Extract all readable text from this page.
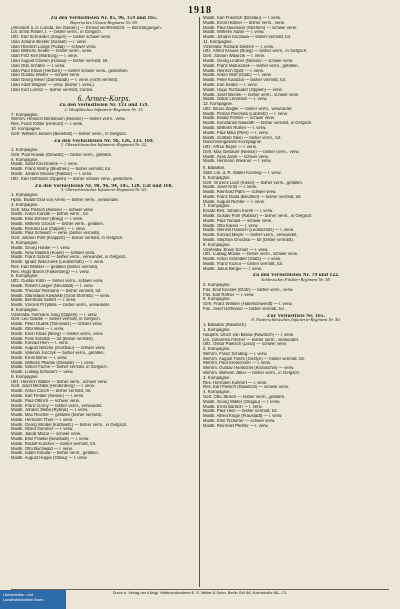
1918
Zu den Verlustlisten Nr. 85, 96, 159 und 165.
Bayerisches Ulanen-Regiment Nr. 69.
(Allendorf a. d. Lumda, bei Gießen.) — Erneut veröffentlicht. — Berichtigungen.
Ltn. Ernst Rösler, I. — bisher verm., in Gefgsch.
Uffz. Karl Schneider (Siegen) — bisher schwer verw.
Ulan Johann Becker (Kassel) — l. verw.
Ulan Heinrich Lange (Fulda) — schwer verw.
Ulan Wilhelm Seidel — bisher verm., verw.
Ulan Fritz Keil (Marburg) — l. verw.
Ulan August Gramm (Hanau) — bisher vermißt, tot.
Ulan Otto Schäfer — l. verw.
Ulan Paul Kraus (Herborn) — bisher schwer verw., gestorben.
Ulan Gustav Winter — schwer verw.
Ulan Georg Meier (Darmstadt) — l. verw. (nicht vermißt).
Ulan Adolf Wagner — verw. (bisher l. verw.).
Ulan Kurt Lorenz — bisher vermißt, zurück.
6. Armee-Korps.
Zu den Verlustlisten Nr. 133 und 159.
2. Westfälisches Infanterie-Regiment Nr. 15.
7. Kompagnie.
Wehrm. Heinrich Brinkmann (Minden) — bisher verm., verw.
Res. Franz Kötter (Herford) — l. verw.
10. Kompagnie.
Gefr. Wilhelm Jansen (Bielefeld) — bisher verm., in Gefgsch.
Zu den Verlustlisten Nr. 96, 126, 133, 169.
1. Oberschlesisches Infanterie-Regiment Nr. 22.
1. Kompagnie.
Gefr. Paul Nowak (Gleiwitz) — bisher verm., gefallen.
4. Kompagnie.
Mustk. Josef Kaczmarek — l. verw.
Mustk. Franz Wolny (Beuthen) — bisher vermißt, tot.
Mustk. Johann Mrosek (Ratibor) — l. verw.
Uffz. Karl Hoffmann (Oppeln) — bisher schwer verw., gestorben.
Zu den Verlustlisten Nr. 98, 96, 94, 105, 120, 158 und 168.
5. Oberschlesisches Infanterie-Regiment Nr. 63.
1. Kompagnie.
Hptm. Ewald Graf von Arnim — bisher verm., verwundet.
3. Kompagnie.
Gefr. Max Pietsch (Neisse) — schwer verw.
Mustk. Anton Kubiak — bisher verm., tot.
Mustk. Emil Zimmer (Brieg) — l. verw.
Mustk. Wilhelm Grosch — bisher verm., gefallen.
Mustk. Richard Lux (Oppeln) — l. verw.
Mustk. Paul Schwarz — verw. (bisher vermißt).
Gefr. Johann Pohl (Krappitz) — bisher vermißt, in Gefgsch.
5. Kompagnie.
Mustk. Georg Hanke — l. verw.
Mustk. Alois Mainka (Kosel) — schwer verw.
Mustk. Franz Scholz — bisher verm., verwundet, in Gefgsch.
Mustk. Ignatz Wieczorek (Leobschütz) — l. verw.
Res. Karl Winkler — gefallen (bisher vermißt).
Res. Hugo Baron (Falkenberg) — l. verw.
6. Kompagnie.
Uffz. Gustav Kühn — bisher verm., schwer verw.
Mustk. Robert Langer (Neustadt) — l. verw.
Mustk. Theodor Reimann — bisher vermißt, tot.
Mustk. Stanislaus Kowalski (Groß Strehlitz) — verw.
Mustk. Bernhard Seifert — l. verw.
Mustk. Vincent Przybilla — bisher verm., verwundet.
8. Kompagnie.
Vizefeldw. Hermann Jung (Oppeln) — l. verw.
Gefr. Leo Gawlik — bisher vermißt, in Gefgsch.
Mustk. Peter Dudek (Tarnowitz) — schwer verw.
Mustk. Otto Weiß — l. verw.
Mustk. Erich Klose (Brieg) — bisher verm., verw.
Mustk. Felix Sobotta — tot (bisher vermißt).
Mustk. Konrad Hein — l. verw.
Mustk. August Nitsche (Grottkau) — schwer verw.
Mustk. Valentin Jurczyk — bisher verm., gefallen.
Mustk. Ernst Böhm — l. verw.
Mustk. Wilhelm Pilarski (Gleiwitz) — l. verw.
Mustk. Simon Fuchs — bisher vermißt, in Gefgsch.
Mustk. Ludwig Schubert — verw.
9. Kompagnie.
Uffz. Heinrich Walter — bisher verm., schwer verw.
Gefr. Josef Michalik (Hindenburg) — l. verw.
Mustk. Anton Czech — bisher vermißt, tot.
Mustk. Karl Fiedler (Neisse) — l. verw.
Mustk. Paul Olbrich — schwer verw.
Mustk. Franz Gorny — bisher verm., verwundet.
Mustk. Johann Skiba (Rybnik) — l. verw.
Mustk. Max Reichel — gefallen (bisher vermißt).
Mustk. Hermann Thiel — l. verw.
Mustk. Georg Wrobel (Kattowitz) — bisher verm., in Gefgsch.
Mustk. Alfred Sommer — l. verw.
Mustk. Jakob Mazur — schwer verw.
Mustk. Emil Franke (Neustadt) — l. verw.
Mustk. Rudolf Kuschel — bisher vermißt, tot.
Mustk. Otto Buchwald — l. verw.
Mustk. Adam Kotulla — bisher verm., gefallen.
Mustk. August Hoppe (Ohlau) — l. verw.
Mustk. Karl Friedrich (Breslau) — l. verw.
Mustk. Ernst Hübner — bisher verm., verw.
Mustk. Paul Neumann (Strehlen) — schwer verw.
Mustk. Wilhelm Adam — l. verw.
Mustk. Johann Kurzawa — bisher vermißt, tot.
11. Kompagnie.
Vizefeldw. Richard Dietrich — l. verw.
Uffz. Alfred Krause (Brieg) — bisher verm., in Gefgsch.
Gefr. Johann Wawrzik — l. verw.
Mustk. Georg Lindner (Neisse) — schwer verw.
Mustk. Franz Matuschek — bisher verm., gefallen.
Mustk. Heinrich Opitz — l. verw.
Mustk. Anton Wolf (Glatz) — l. verw.
Mustk. Peter Kandzia — bisher vermißt, tot.
Mustk. Karl Seidel — l. verw.
Mustk. Hugo Tschauder (Oppeln) — verw.
Mustk. Josef Bienek — bisher verm., schwer verw.
Mustk. Oskar Lehmann — l. verw.
12. Kompagnie.
Uffz. Bruno Ziegler — bisher verm., verwundet.
Mustk. Florian Piechota (Lublinitz) — l. verw.
Mustk. Ewald Förster — schwer verw.
Mustk. Konstantin Nawrath — bisher vermißt, in Gefgsch.
Mustk. Wilhelm Rother — l. verw.
Mustk. Paul Mika (Pleß) — l. verw.
Mustk. Gottlieb Stein — bisher verm., tot.
Maschinengewehr-Kompagnie.
Uffz. Arthur Beyer — l. verw.
Gefr. Max Gebauer (Neisse) — bisher verm., verw.
Mustk. Alois Janik — schwer verw.
Mustk. Hermann Wiesner — l. verw.
II. Bataillon.
Stab: Ltn. d. R. Walter Kiesling — l. verw.
5. Kompagnie.
Gefr. Vinzenz Lach (Kosel) — bisher verm., gefallen.
Mustk. Josef Kroll — l. verw.
Mustk. Reinhold Palm — schwer verw.
Mustk. Franz Duda (Beuthen) — bisher vermißt, tot.
Mustk. August Richter — l. verw.
7. Kompagnie.
Ersatz-Res. Johann Kurek — l. verw.
Mustk. Gustav Pohl (Ratibor) — bisher verm., in Gefgsch.
Mustk. Paul Tomala — schwer verw.
Mustk. Otto Kaiser — l. verw.
Mustk. Wenzel Hanisch (Leobschütz) — l. verw.
Mustk. Konrad Meyer — bisher verm., verwundet.
Mustk. Stephan Gruszka — tot (bisher vermißt).
8. Kompagnie.
Vizefeldw. Erwin Schulz — l. verw.
Uffz. Ludwig Mücke — bisher verm., schwer verw.
Mustk. Anton Schindler (Glatz) — l. verw.
Mustk. Franz Koziol — bisher vermißt, tot.
Mustk. Julius Berger — l. verw.
Zu den Verlustlisten Nr. 79 und 122.
Schlesisches Füsilier-Regiment Nr. 38.
3. Kompagnie.
Füs. Emil Kessler (Glatz) — bisher verm., verw.
Füs. Karl Rother — l. verw.
6. Kompagnie.
Gefr. Franz Winkler (Habelschwerdt) — l. verw.
Füs. Josef Hoffmann — bisher vermißt, tot.
Zur Verlustliste Nr. 165.
8. Niederschlesisches Infanterie-Regiment Nr. 50.
1. Bataillon (Rawitsch).
1. Kompagnie.
Hauptm. Ulrich von Below (Rawitsch) — l. verw.
Ltn. Johannes Fischer — bisher verm., verwundet.
Uffz. Oskar Paetsch (Lissa) — schwer verw.
2. Kompagnie.
Wehrm. Franz Schilling — l. verw.
Wehrm. August Tietze (Gostyn) — bisher vermißt, tot.
Wehrm. Paul Kretschmer — l. verw.
Wehrm. Gustav Hentschel (Krotoschin) — verw.
Wehrm. Wilhelm Jäkel — bisher verm., in Gefgsch.
3. Kompagnie.
Res. Hermann Kuhnert — l. verw.
Res. Karl Pietsch (Rawitsch) — schwer verw.
4. Kompagnie.
Gefr. Otto Jänsch — bisher verm., gefallen.
Mustk. Georg Walter (Glogau) — l. verw.
Mustk. Ernst Bartsch — l. verw.
Mustk. Paul Hein — bisher vermißt, tot.
Mustk. Alfred Kluge (Fraustadt) — l. verw.
Mustk. Emil Tschirner — schwer verw.
Mustk. Reinhold Pfeiffer — l. verw.
Druck u. Verlag der Königl. Hofbuchdruckerei E. S. Mittler & Sohn, Berlin SW 68, Kochstraße 68—71.
Universitäts- und
Landesbibliothek Bonn
